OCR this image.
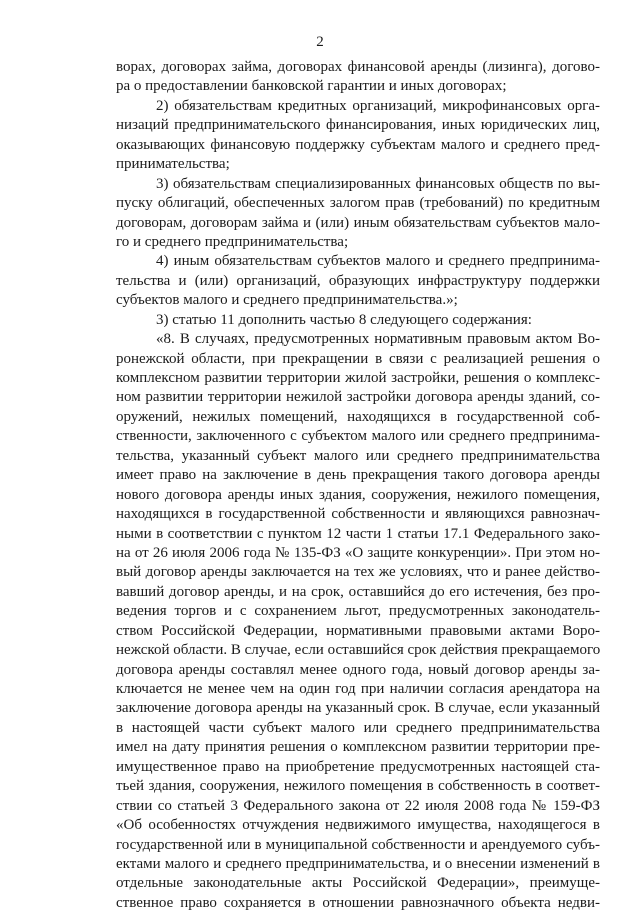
2
ворах, договорах займа, договорах финансовой аренды (лизинга), догово-
ра о предоставлении банковской гарантии и иных договорах;
2) обязательствам кредитных организаций, микрофинансовых орга-
низаций предпринимательского финансирования, иных юридических лиц,
оказывающих финансовую поддержку субъектам малого и среднего пред-
принимательства;
3) обязательствам специализированных финансовых обществ по вы-
пуску облигаций, обеспеченных залогом прав (требований) по кредитным
договорам, договорам займа и (или) иным обязательствам субъектов мало-
го и среднего предпринимательства;
4) иным обязательствам субъектов малого и среднего предпринима-
тельства и (или) организаций, образующих инфраструктуру поддержки
субъектов малого и среднего предпринимательства.»;
3) статью 11 дополнить частью 8 следующего содержания:
«8. В случаях, предусмотренных нормативным правовым актом Во-
ронежской области, при прекращении в связи с реализацией решения о
комплексном развитии территории жилой застройки, решения о комплекс-
ном развитии территории нежилой застройки договора аренды зданий, со-
оружений, нежилых помещений, находящихся в государственной соб-
ственности, заключенного с субъектом малого или среднего предпринима-
тельства, указанный субъект малого или среднего предпринимательства
имеет право на заключение в день прекращения такого договора аренды
нового договора аренды иных здания, сооружения, нежилого помещения,
находящихся в государственной собственности и являющихся равнознач-
ными в соответствии с пунктом 12 части 1 статьи 17.1 Федерального зако-
на от 26 июля 2006 года № 135-ФЗ «О защите конкуренции». При этом но-
вый договор аренды заключается на тех же условиях, что и ранее действо-
вавший договор аренды, и на срок, оставшийся до его истечения, без про-
ведения торгов и с сохранением льгот, предусмотренных законодатель-
ством Российской Федерации, нормативными правовыми актами Воро-
нежской области. В случае, если оставшийся срок действия прекращаемого
договора аренды составлял менее одного года, новый договор аренды за-
ключается не менее чем на один год при наличии согласия арендатора на
заключение договора аренды на указанный срок. В случае, если указанный
в настоящей части субъект малого или среднего предпринимательства
имел на дату принятия решения о комплексном развитии территории пре-
имущественное право на приобретение предусмотренных настоящей ста-
тьей здания, сооружения, нежилого помещения в собственность в соответ-
ствии со статьей 3 Федерального закона от 22 июля 2008 года № 159-ФЗ
«Об особенностях отчуждения недвижимого имущества, находящегося в
государственной или в муниципальной собственности и арендуемого субъ-
ектами малого и среднего предпринимательства, и о внесении изменений в
отдельные законодательные акты Российской Федерации», преимуще-
ственное право сохраняется в отношении равнозначного объекта недви-
